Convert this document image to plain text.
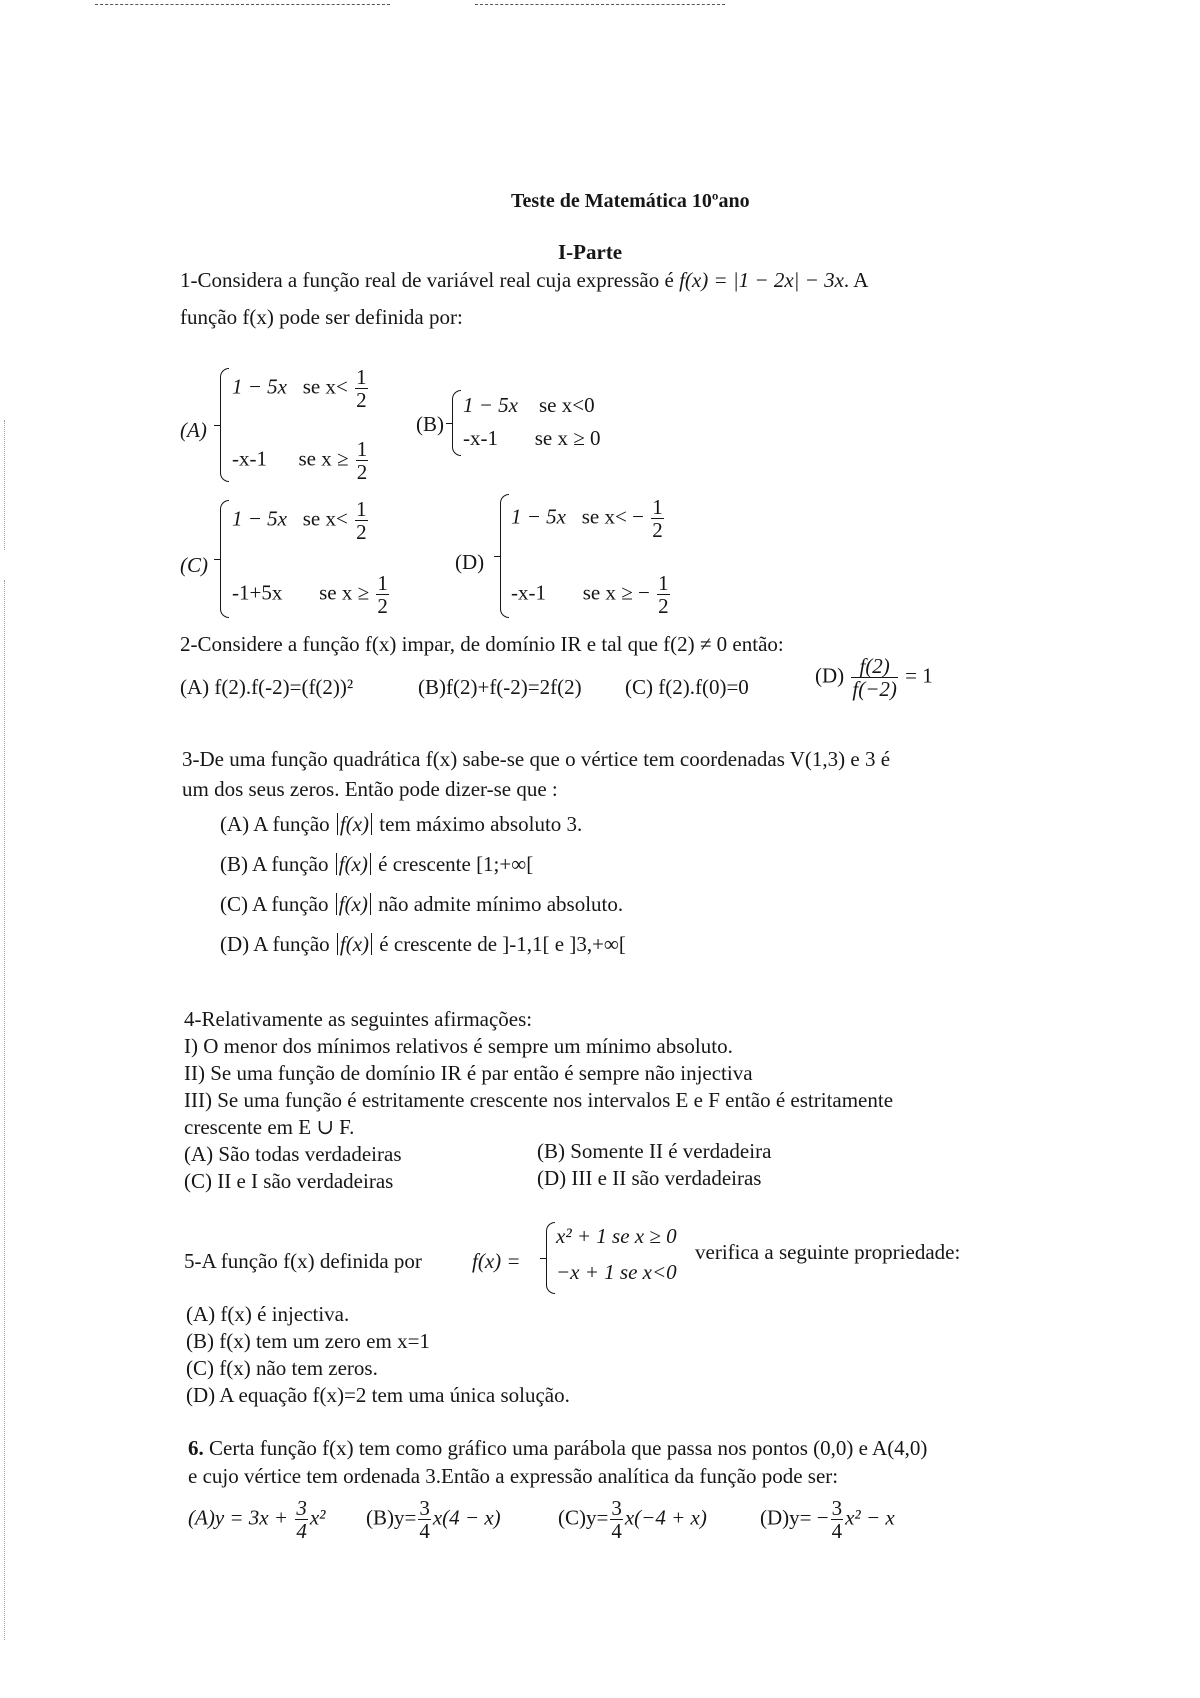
Teste de Matemática 10ºano
I-Parte
1-Considera a função real de variável real cuja expressão é f(x) = |1 − 2x| − 3x. A
função f(x) pode ser definida por:
(A)
1 − 5x se $x< \frac{1}{2}$
-x-1 se $x \ge \frac{1}{2}$
(B)
1 − 5x se x<0
-x-1 se x ≥ 0
(C)
1 − 5x se $x< \frac{1}{2}$
-1+5x se $x \ge \frac{1}{2}$
(D)
1 − 5x se $x< - \frac{1}{2}$
-x-1 se x ≥ − $\frac{1}{2}$
2-Considere a função f(x) impar, de domínio IR e tal que f(2) ≠ 0 então:
(A) f(2).f(-2)=(f(2))²	(B)f(2)+f(-2)=2f(2) (C) f(2).f(0)=0	$(D) \frac{f(2)}{f(-2)} = 1$
3-De uma função quadrática f(x) sabe-se que o vértice tem coordenadas V(1,3) e 3 é
um dos seus zeros. Então pode dizer-se que :
(A) A função f(x) tem máximo absoluto 3.
(B) A função f(x) é crescente [1;+∞[
(C) A função f(x) não admite mínimo absoluto.
(D) A função f(x) é crescente de ]-1,1[ e ]3,+∞[
4-Relativamente as seguintes afirmações:
I) O menor dos mínimos relativos é sempre um mínimo absoluto.
II) Se uma função de domínio IR é par então é sempre não injectiva
III) Se uma função é estritamente crescente nos intervalos E e F então é estritamente
crescente em E ∪ F.
(A) São todas verdadeiras	(B) Somente II é verdadeira
(C) II e I são verdadeiras	(D) III e II são verdadeiras
5-A função f(x) definida por f(x) =
x² + 1 se x ≥ 0
−x + 1 se x<0
verifica a seguinte propriedade:
(A) f(x) é injectiva.
(B) f(x) tem um zero em x=1
(C) f(x) não tem zeros.
(D) A equação f(x)=2 tem uma única solução.
6. Certa função f(x) tem como gráfico uma parábola que passa nos pontos (0,0) e A(4,0)
e cujo vértice tem ordenada 3.Então a expressão analítica da função pode ser:
$(A)y = 3x + \frac{3}{4} x^2$ $(B)y= \frac{3}{4} x(4 - x)$	$(C)y= \frac{3}{4} x(-4 + x)$	$(D)y= - \frac{3}{4} x^2 - x$
